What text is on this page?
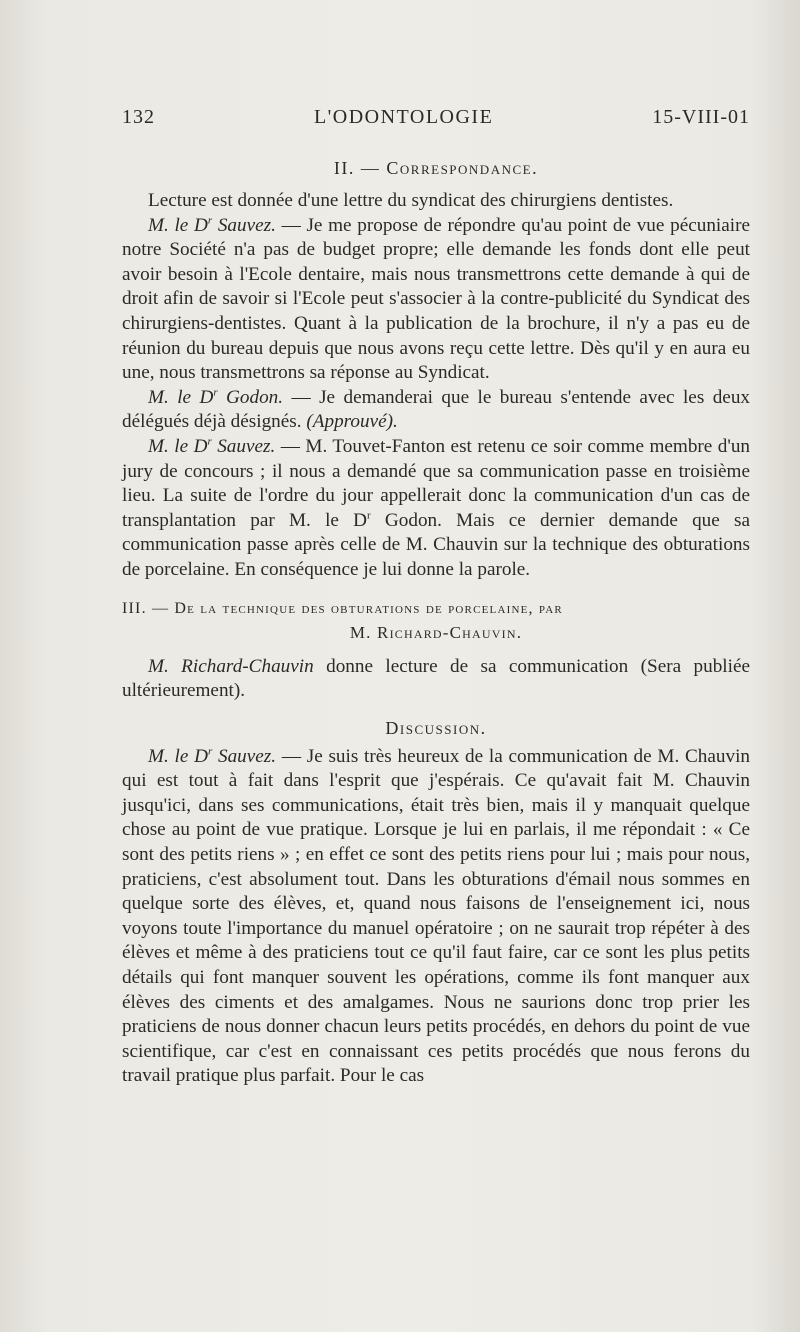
132	L'ODONTOLOGIE	15-VIII-01
II. — Correspondance.

Lecture est donnée d'une lettre du syndicat des chirurgiens dentistes.

M. le $D^r$ Sauvez. — Je me propose de répondre qu'au point de vue pécuniaire notre Société n'a pas de budget propre; elle demande les fonds dont elle peut avoir besoin à l'Ecole dentaire, mais nous transmettrons cette demande à qui de droit afin de savoir si l'Ecole peut s'associer à la contre-publicité du Syndicat des chirurgiens-dentistes. Quant à la publication de la brochure, il n'y a pas eu de réunion du bureau depuis que nous avons reçu cette lettre. Dès qu'il y en aura eu une, nous transmettrons sa réponse au Syndicat.

M. le $D^r$ Godon. — Je demanderai que le bureau s'entende avec les deux délégués déjà désignés. (Approuvé).

M. le $D^r$ Sauvez. — M. Touvet-Fanton est retenu ce soir comme membre d'un jury de concours ; il nous a demandé que sa communication passe en troisième lieu. La suite de l'ordre du jour appellerait donc la communication d'un cas de transplantation par M. le $D^r$ Godon. Mais ce dernier demande que sa communication passe après celle de M. Chauvin sur la technique des obturations de porcelaine. En conséquence je lui donne la parole.

III. — De la technique des obturations de porcelaine, par
M. Richard-Chauvin.

M. Richard-Chauvin donne lecture de sa communication (Sera publiée ultérieurement).

Discussion.

M. le $D^r$ Sauvez. — Je suis très heureux de la communication de M. Chauvin qui est tout à fait dans l'esprit que j'espérais. Ce qu'avait fait M. Chauvin jusqu'ici, dans ses communications, était très bien, mais il y manquait quelque chose au point de vue pratique. Lorsque je lui en parlais, il me répondait : « Ce sont des petits riens » ; en effet ce sont des petits riens pour lui ; mais pour nous, praticiens, c'est absolument tout. Dans les obturations d'émail nous sommes en quelque sorte des élèves, et, quand nous faisons de l'enseignement ici, nous voyons toute l'importance du manuel opératoire ; on ne saurait trop répéter à des élèves et même à des praticiens tout ce qu'il faut faire, car ce sont les plus petits détails qui font manquer souvent les opérations, comme ils font manquer aux élèves des ciments et des amalgames. Nous ne saurions donc trop prier les praticiens de nous donner chacun leurs petits procédés, en dehors du point de vue scientifique, car c'est en connaissant ces petits procédés que nous ferons du travail pratique plus parfait. Pour le cas
